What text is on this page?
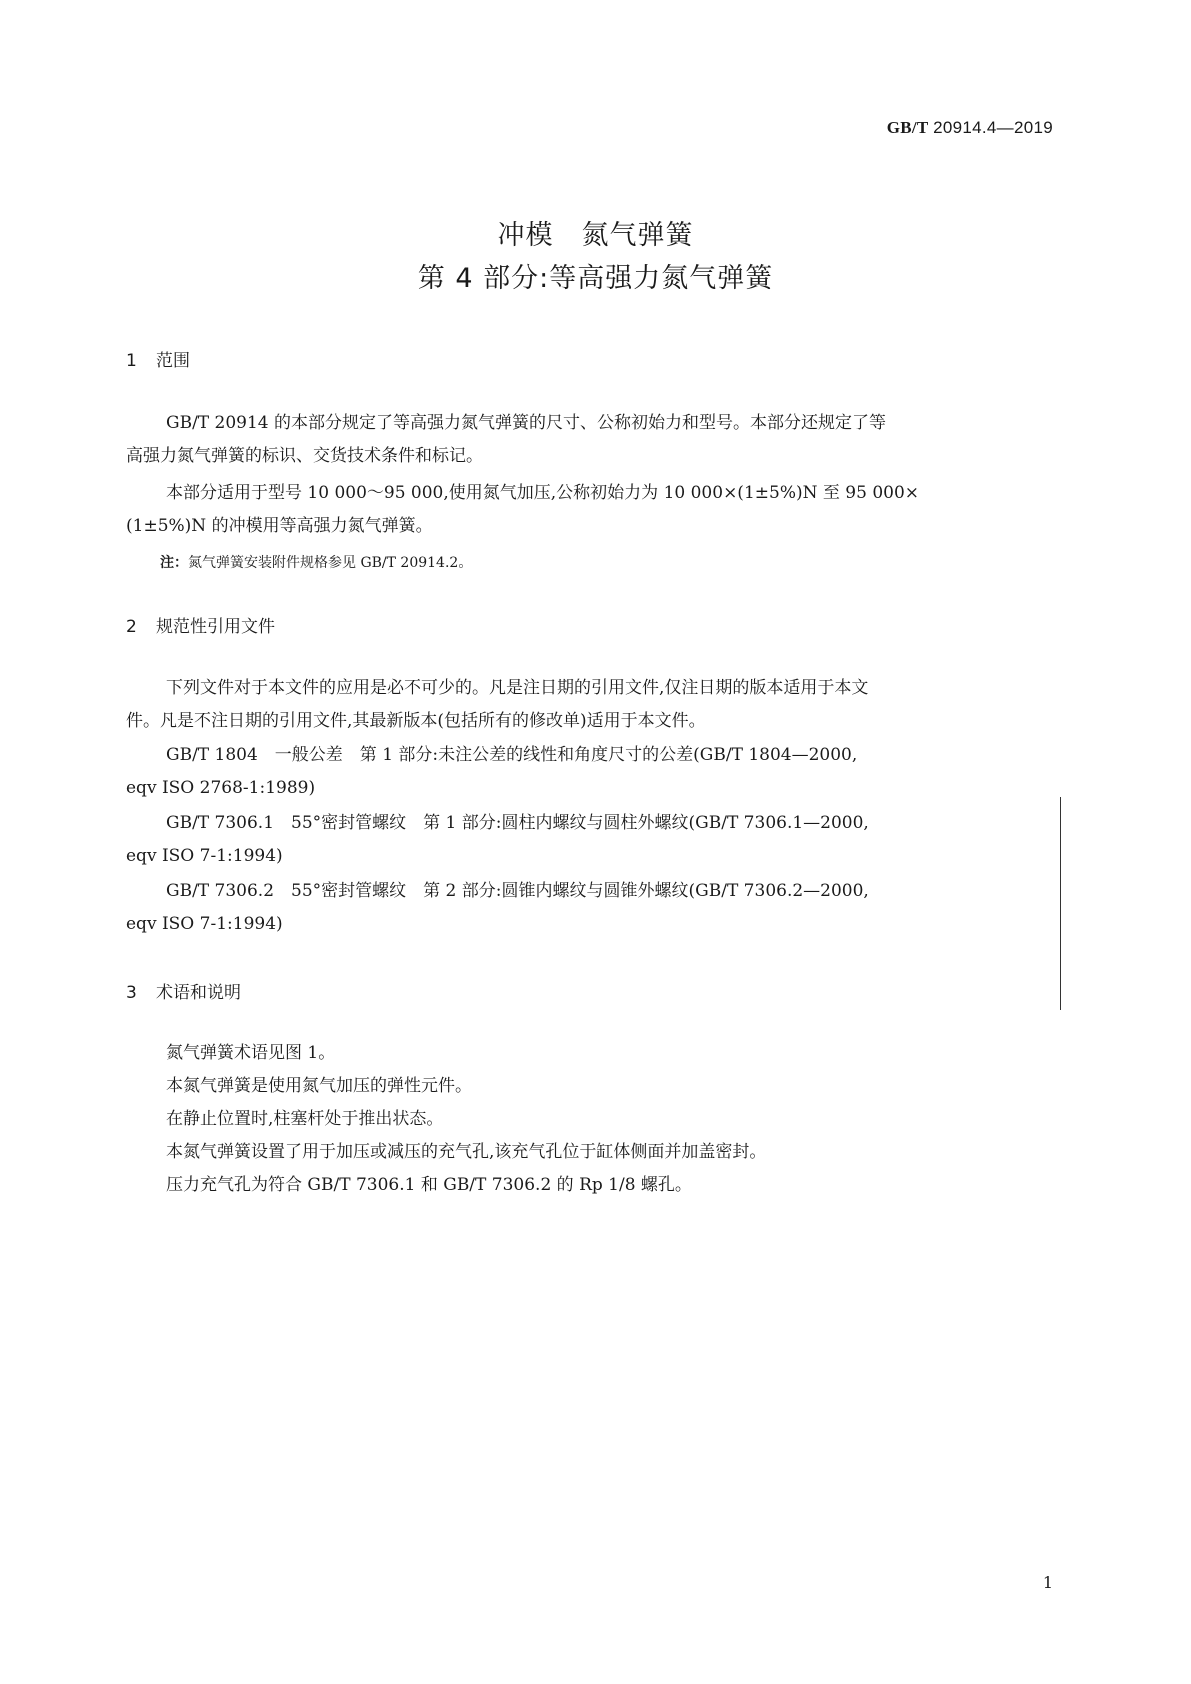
GB/T 20914.4—2019
冲模　氮气弹簧
第 4 部分:等高强力氮气弹簧
1 范围
GB/T 20914 的本部分规定了等高强力氮气弹簧的尺寸、公称初始力和型号。本部分还规定了等
高强力氮气弹簧的标识、交货技术条件和标记。
本部分适用于型号 10 000～95 000,使用氮气加压,公称初始力为 10 000×(1±5%)N 至 95 000×
(1±5%)N 的冲模用等高强力氮气弹簧。
注：氮气弹簧安装附件规格参见 GB/T 20914.2。
2 规范性引用文件
下列文件对于本文件的应用是必不可少的。凡是注日期的引用文件,仅注日期的版本适用于本文
件。凡是不注日期的引用文件,其最新版本(包括所有的修改单)适用于本文件。
GB/T 1804　一般公差　第 1 部分:未注公差的线性和角度尺寸的公差(GB/T 1804—2000,
eqv ISO 2768-1:1989)
GB/T 7306.1　55°密封管螺纹　第 1 部分:圆柱内螺纹与圆柱外螺纹(GB/T 7306.1—2000,
eqv ISO 7-1:1994)
GB/T 7306.2　55°密封管螺纹　第 2 部分:圆锥内螺纹与圆锥外螺纹(GB/T 7306.2—2000,
eqv ISO 7-1:1994)
3 术语和说明
氮气弹簧术语见图 1。
本氮气弹簧是使用氮气加压的弹性元件。
在静止位置时,柱塞杆处于推出状态。
本氮气弹簧设置了用于加压或减压的充气孔,该充气孔位于缸体侧面并加盖密封。
压力充气孔为符合 GB/T 7306.1 和 GB/T 7306.2 的 Rp 1/8 螺孔。
1
